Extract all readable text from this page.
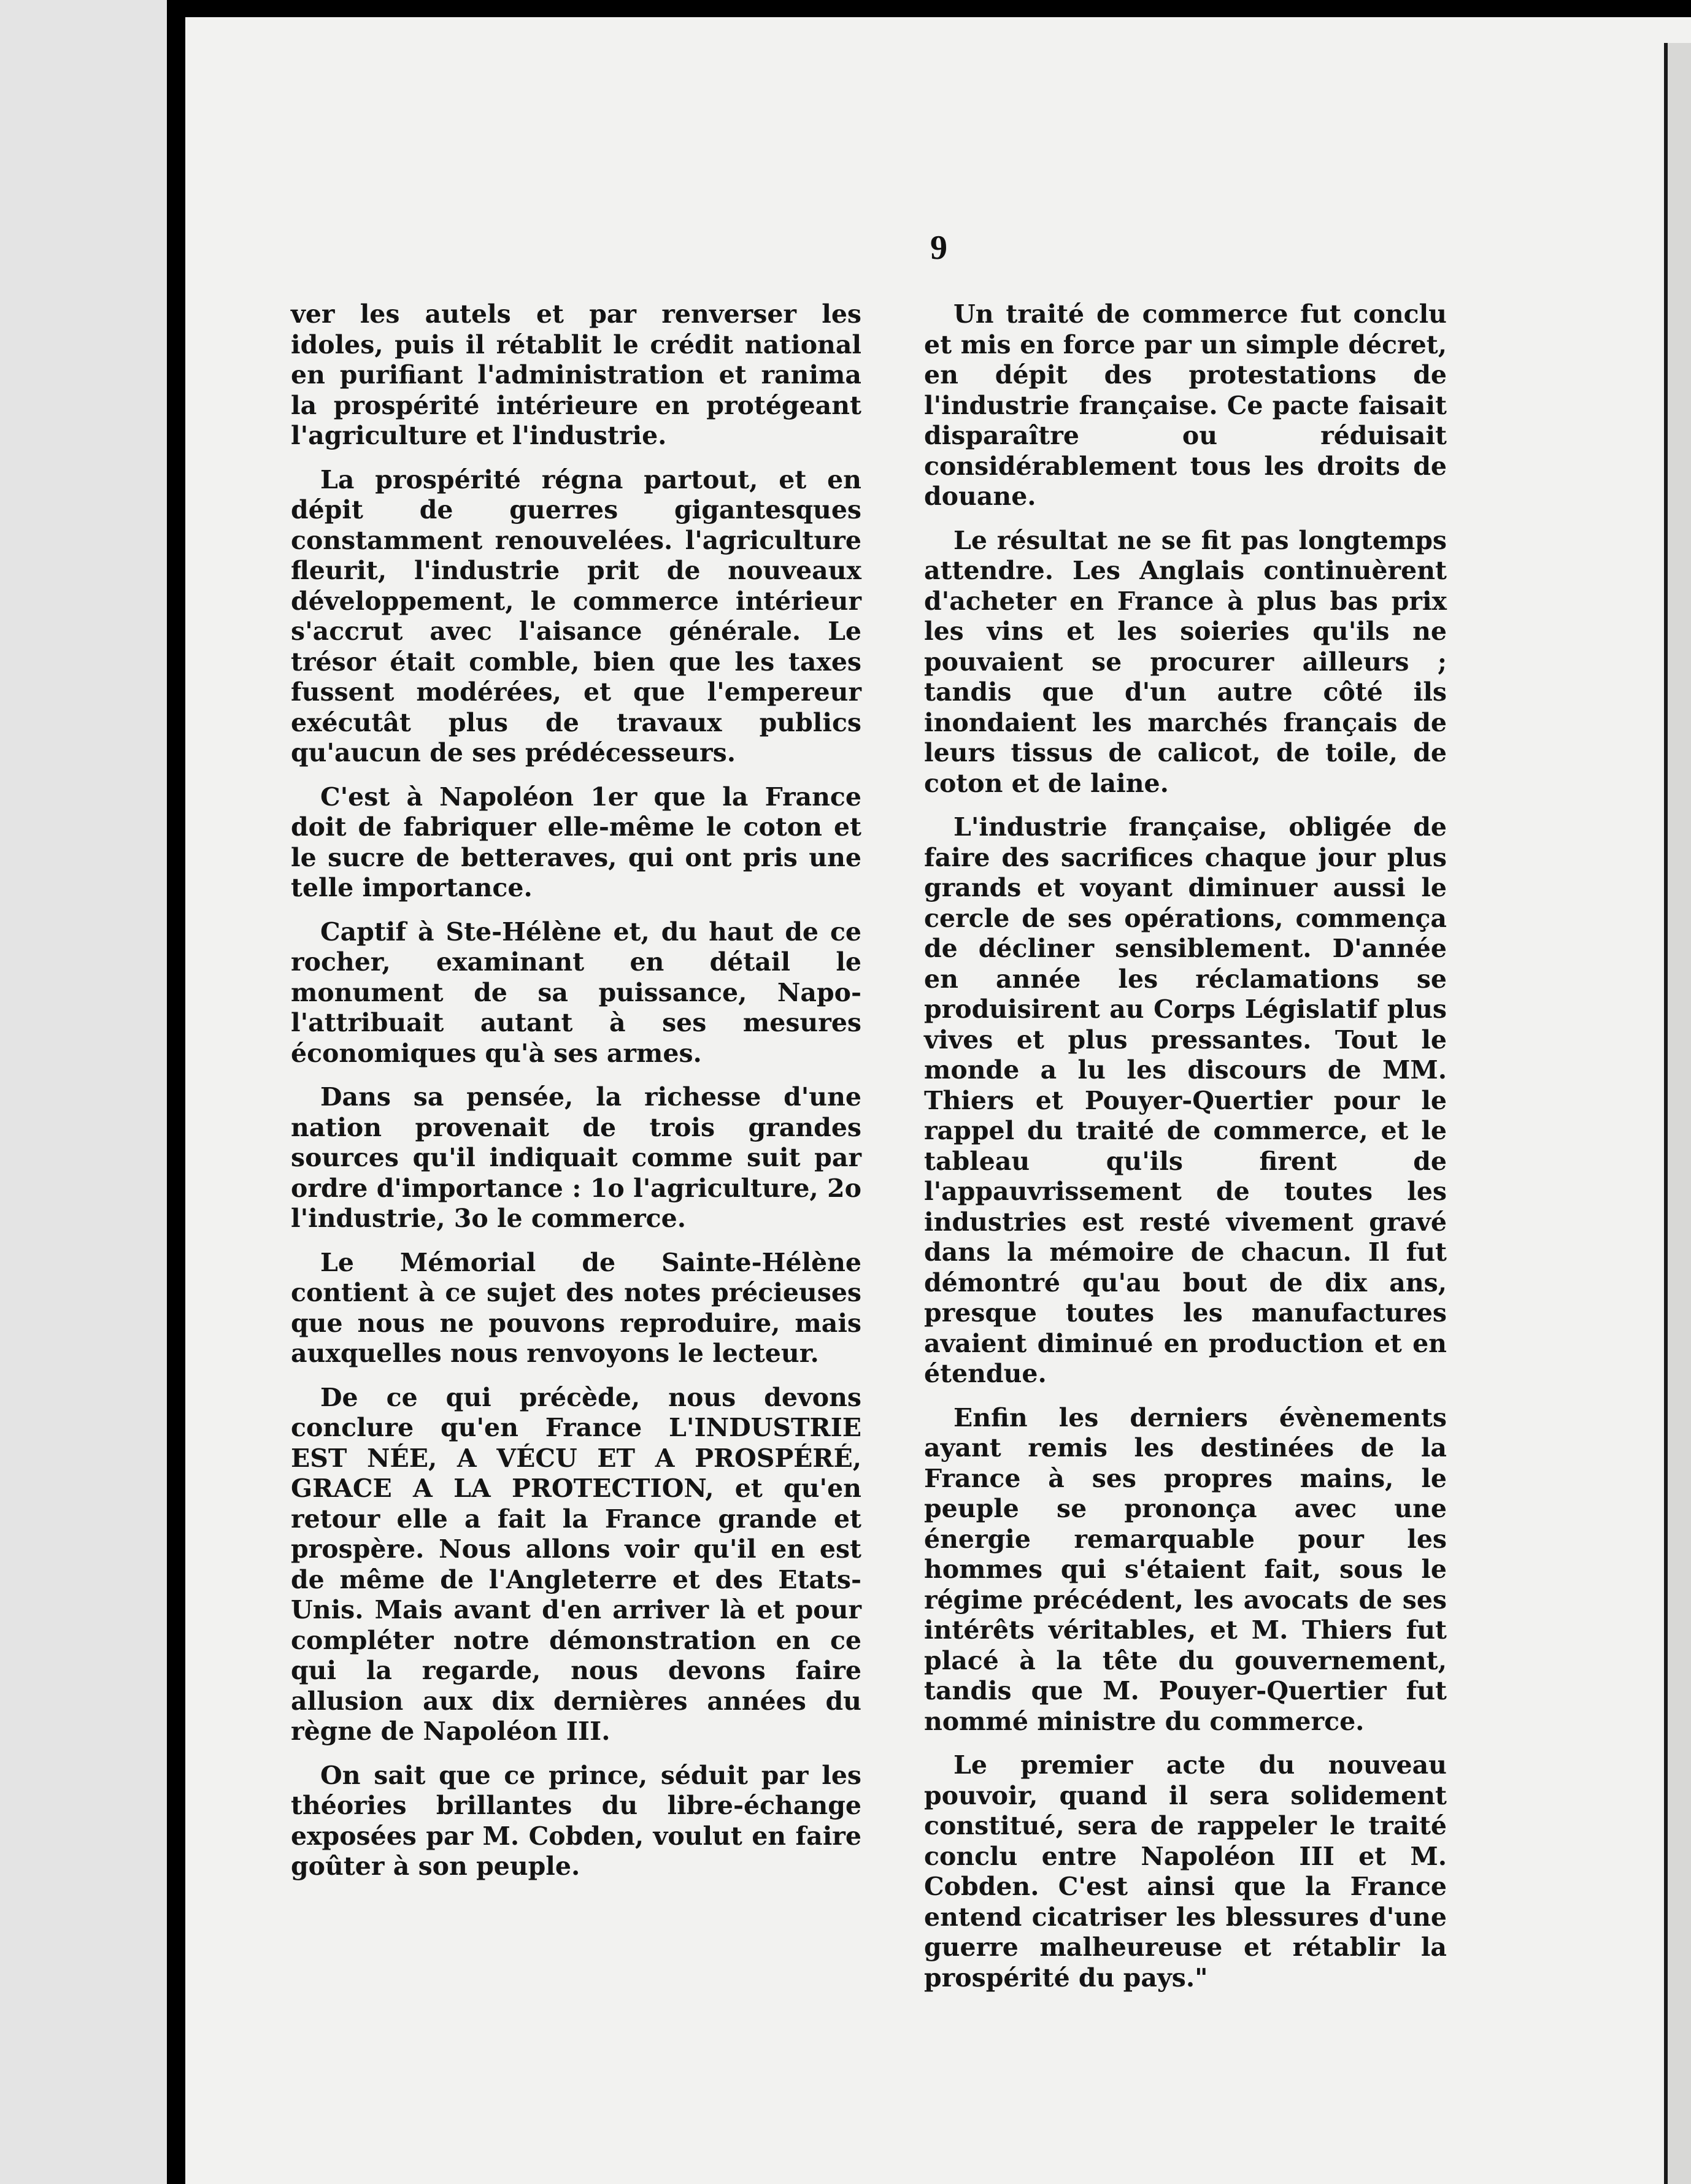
9

ver les autels et par renverser les idoles, puis il rétablit le crédit national en purifiant l'administration et ranima la prospérité intérieure en protégeant l'agriculture et l'industrie.

La prospérité régna partout, et en dépit de guerres gigantesques constamment renouvelées. l'agriculture fleurit, l'industrie prit de nouveaux développement, le commerce intérieur s'accrut avec l'aisance générale. Le trésor était comble, bien que les taxes fussent modérées, et que l'empereur exécutât plus de travaux publics qu'aucun de ses prédécesseurs.

C'est à Napoléon 1er que la France doit de fabriquer elle-même le coton et le sucre de betteraves, qui ont pris une telle importance.

Captif à Ste-Hélène et, du haut de ce rocher, examinant en détail le monument de sa puissance, Napo- l'attribuait autant à ses mesures économiques qu'à ses armes.

Dans sa pensée, la richesse d'une nation provenait de trois grandes sources qu'il indiquait comme suit par ordre d'importance : 1o l'agriculture, 2o l'industrie, 3o le commerce.

Le Mémorial de Sainte-Hélène contient à ce sujet des notes précieuses que nous ne pouvons reproduire, mais auxquelles nous renvoyons le lecteur.

De ce qui précède, nous devons conclure qu'en France L'INDUSTRIE EST NÉE, A VÉCU ET A PROSPÉRÉ, GRACE A LA PROTECTION, et qu'en retour elle a fait la France grande et prospère. Nous allons voir qu'il en est de même de l'Angleterre et des Etats-Unis. Mais avant d'en arriver là et pour compléter notre démonstration en ce qui la regarde, nous devons faire allusion aux dix dernières années du règne de Napoléon III.

On sait que ce prince, séduit par les théories brillantes du libre-échange exposées par M. Cobden, voulut en faire goûter à son peuple.

Un traité de commerce fut conclu et mis en force par un simple décret, en dépit des protestations de l'industrie française. Ce pacte faisait disparaître ou réduisait considérablement tous les droits de douane.

Le résultat ne se fit pas longtemps attendre. Les Anglais continuèrent d'acheter en France à plus bas prix les vins et les soieries qu'ils ne pouvaient se procurer ailleurs ; tandis que d'un autre côté ils inondaient les marchés français de leurs tissus de calicot, de toile, de coton et de laine.

L'industrie française, obligée de faire des sacrifices chaque jour plus grands et voyant diminuer aussi le cercle de ses opérations, commença de décliner sensiblement. D'année en année les réclamations se produisirent au Corps Législatif plus vives et plus pressantes. Tout le monde a lu les discours de MM. Thiers et Pouyer-Quertier pour le rappel du traité de commerce, et le tableau qu'ils firent de l'appauvrissement de toutes les industries est resté vivement gravé dans la mémoire de chacun. Il fut démontré qu'au bout de dix ans, presque toutes les manufactures avaient diminué en production et en étendue.

Enfin les derniers évènements ayant remis les destinées de la France à ses propres mains, le peuple se prononça avec une énergie remarquable pour les hommes qui s'étaient fait, sous le régime précédent, les avocats de ses intérêts véritables, et M. Thiers fut placé à la tête du gouvernement, tandis que M. Pouyer-Quertier fut nommé ministre du commerce.

Le premier acte du nouveau pouvoir, quand il sera solidement constitué, sera de rappeler le traité conclu entre Napoléon III et M. Cobden. C'est ainsi que la France entend cicatriser les blessures d'une guerre malheureuse et rétablir la prospérité du pays."
